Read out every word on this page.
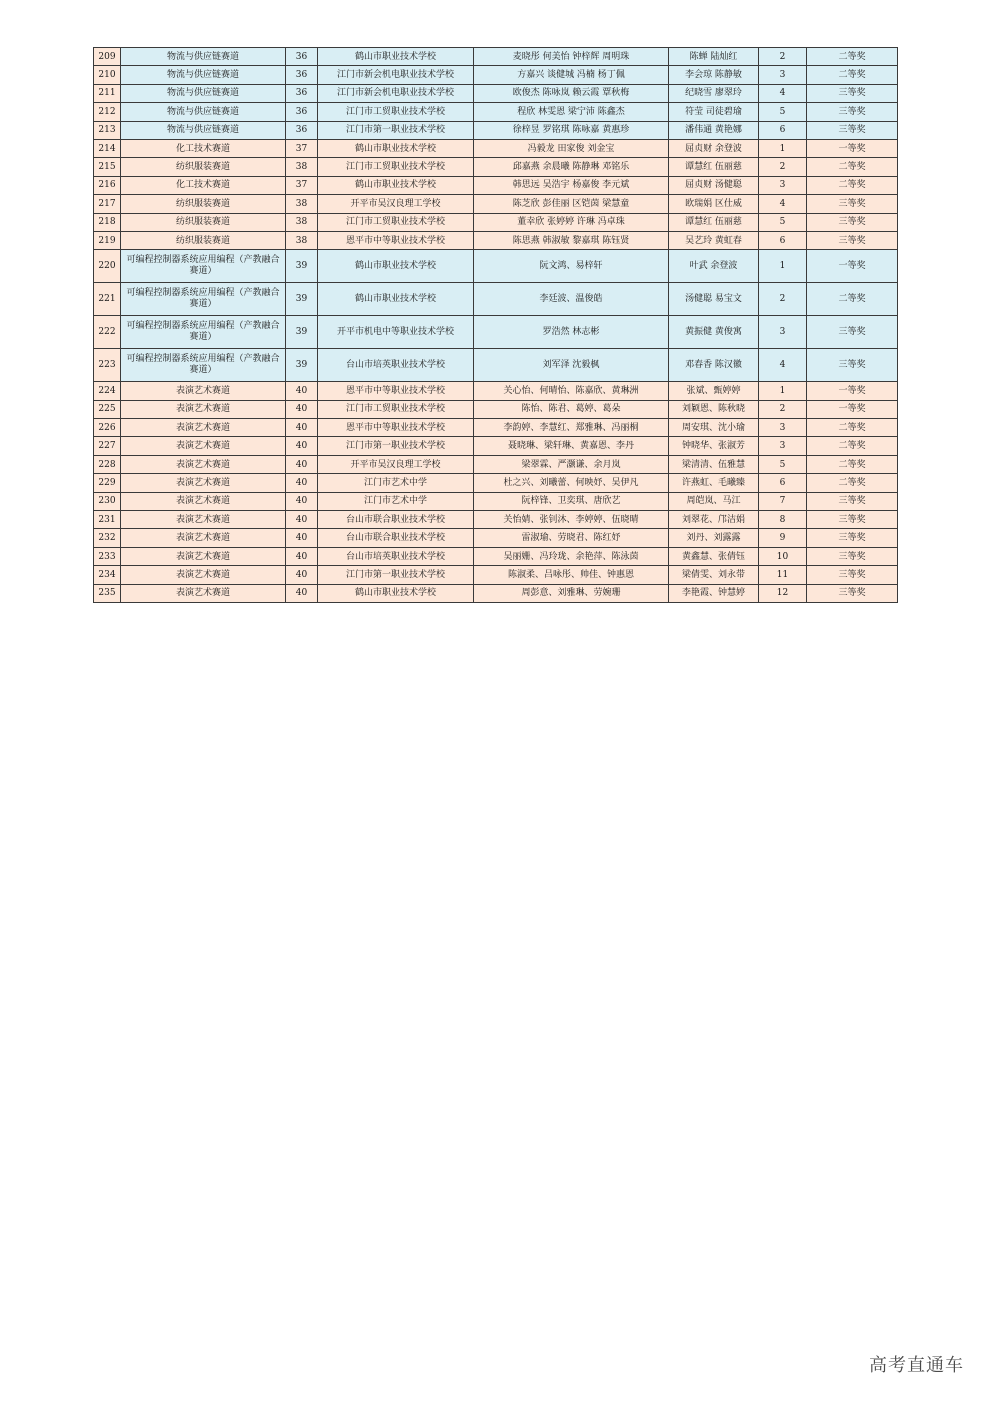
209	物流与供应链赛道	36	鹤山市职业技术学校	麦晓彤 何美怡 钟梓辉 周明珠	陈蝉 陆灿红	2	二等奖
210	物流与供应链赛道	36	江门市新会机电职业技术学校	方嘉兴 谈健城 冯楠 杨丁佩	李会琼 陈静敏	3	二等奖
211	物流与供应链赛道	36	江门市新会机电职业技术学校	欧俊杰 陈咏岚 赖云霞 覃秋梅	纪晓雪 廖翠玲	4	三等奖
212	物流与供应链赛道	36	江门市工贸职业技术学校	程欣 林雯恩 梁宁沛 陈鑫杰	符莹 司徒碧瑜	5	三等奖
213	物流与供应链赛道	36	江门市第一职业技术学校	徐梓昱 罗铭琪 陈咏嘉 黄惠珍	潘伟通 黄艳娜	6	三等奖
214	化工技术赛道	37	鹤山市职业技术学校	冯毅龙 田家俊 刘金宝	屈贞财 余登波	1	一等奖
215	纺织服装赛道	38	江门市工贸职业技术学校	邱嘉燕 余晨曦 陈静琳 邓铭乐	谭慧红 伍丽慈	2	二等奖
216	化工技术赛道	37	鹤山市职业技术学校	韩思远 吴浩宇 杨嘉俊 李元斌	屈贞财 汤健聪	3	二等奖
217	纺织服装赛道	38	开平市吴汉良理工学校	陈芝欣 彭佳丽 区铠茵 梁慧童	欧瑞娟 区仕威	4	三等奖
218	纺织服装赛道	38	江门市工贸职业技术学校	董幸欣 张婷婷 许琳 冯卓珠	谭慧红 伍丽慈	5	三等奖
219	纺织服装赛道	38	恩平市中等职业技术学校	陈思燕 韩淑敏 黎嘉琪 陈钰贤	吴艺玲 黄虹春	6	三等奖
220	可编程控制器系统应用编程（产教融合赛道）	39	鹤山市职业技术学校	阮文鸿、易梓轩	叶武 余登波	1	一等奖
221	可编程控制器系统应用编程（产教融合赛道）	39	鹤山市职业技术学校	李廷波、温俊皓	汤健聪 易宝文	2	二等奖
222	可编程控制器系统应用编程（产教融合赛道）	39	开平市机电中等职业技术学校	罗浩然 林志彬	黄振健 黄俊寓	3	三等奖
223	可编程控制器系统应用编程（产教融合赛道）	39	台山市培英职业技术学校	刘军泽 沈毅枫	邓春香 陈汉徽	4	三等奖
224	表演艺术赛道	40	恩平市中等职业技术学校	关心怡、何晴怡、陈嘉欣、黄琳洲	张斌、甄婷婷	1	一等奖
225	表演艺术赛道	40	江门市工贸职业技术学校	陈怡、陈君、葛婷、葛朵	刘颖恩、陈秋晓	2	一等奖
226	表演艺术赛道	40	恩平市中等职业技术学校	李韵婷、李慧红、郑雅琳、冯丽桐	周安琪、沈小瑜	3	二等奖
227	表演艺术赛道	40	江门市第一职业技术学校	聂晓琳、梁轩琳、黄嘉恩、李丹	钟晓华、张淑芳	3	二等奖
228	表演艺术赛道	40	开平市吴汉良理工学校	梁翠霖、严灏谦、余月岚	梁清清、伍雅慧	5	二等奖
229	表演艺术赛道	40	江门市艺术中学	杜之兴、刘曦蕾、何映妤、吴伊凡	许燕虹、毛曦臻	6	二等奖
230	表演艺术赛道	40	江门市艺术中学	阮梓锋、卫奕琪、唐欣艺	周皑岚、马江	7	三等奖
231	表演艺术赛道	40	台山市联合职业技术学校	关怡婧、张钊沐、李婷婷、伍晓晴	刘翠花、邝洁娟	8	三等奖
232	表演艺术赛道	40	台山市联合职业技术学校	雷淑瑜、劳晓君、陈红妤	刘丹、刘露露	9	三等奖
233	表演艺术赛道	40	台山市培英职业技术学校	吴丽姗、冯玲珑、余艳萍、陈泳茵	黄鑫慧、张倩钰	10	三等奖
234	表演艺术赛道	40	江门市第一职业技术学校	陈淑柔、吕咏彤、帅佳、钟惠恩	梁倩雯、刘永带	11	三等奖
235	表演艺术赛道	40	鹤山市职业技术学校	周彭意、刘雅琳、劳婉珊	李艳霞、钟慧婷	12	三等奖
高考直通车
